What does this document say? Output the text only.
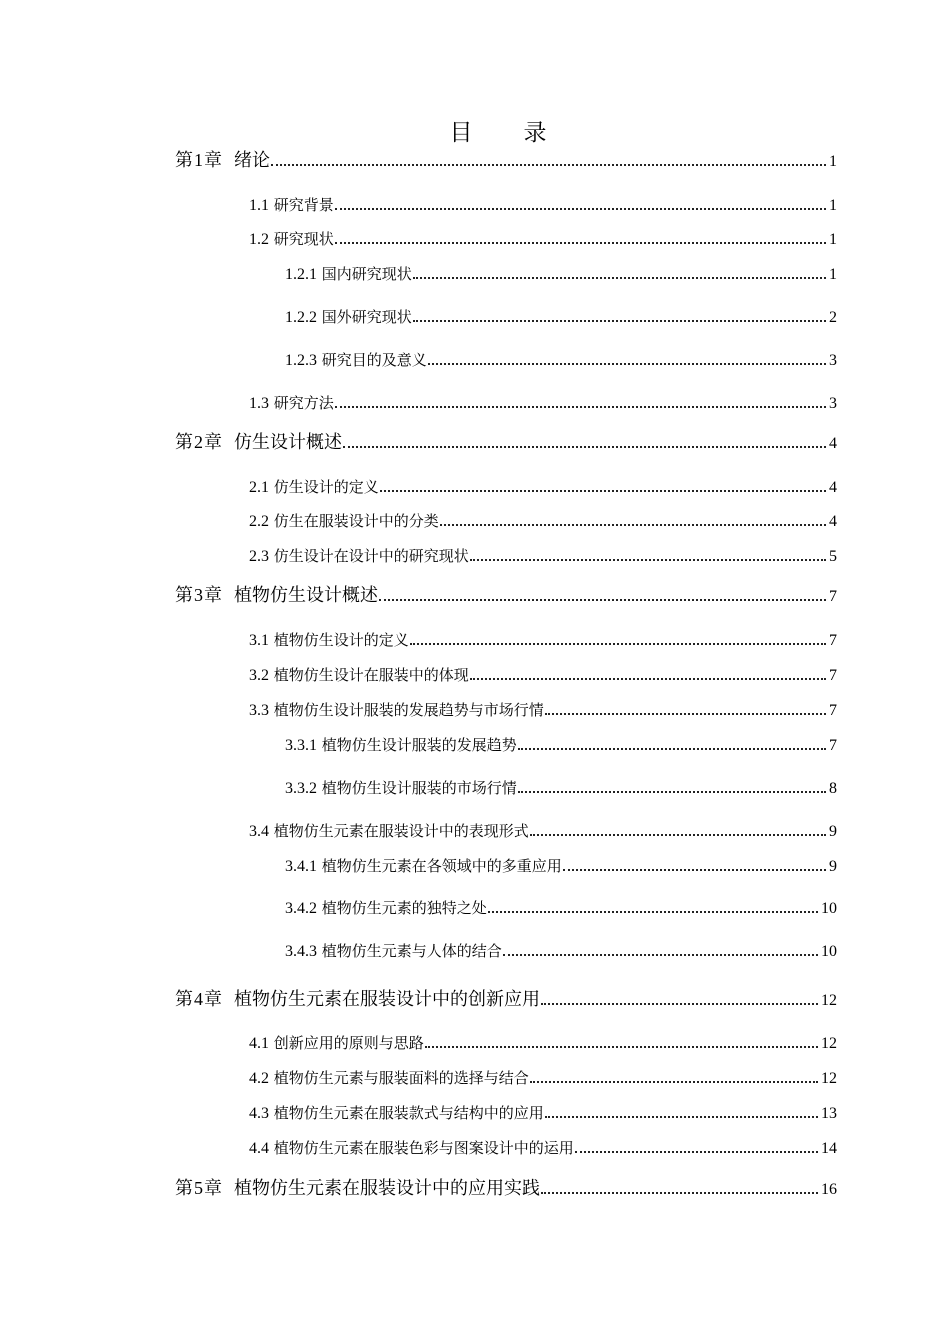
目　录
第1章 绪论	1
1.1 研究背景	1
1.2 研究现状	1
1.2.1 国内研究现状	1
1.2.2 国外研究现状	2
1.2.3 研究目的及意义	3
1.3 研究方法	3
第2章 仿生设计概述	4
2.1 仿生设计的定义	4
2.2 仿生在服装设计中的分类	4
2.3 仿生设计在设计中的研究现状	5
第3章 植物仿生设计概述	7
3.1 植物仿生设计的定义	7
3.2 植物仿生设计在服装中的体现	7
3.3 植物仿生设计服装的发展趋势与市场行情	7
3.3.1 植物仿生设计服装的发展趋势	7
3.3.2 植物仿生设计服装的市场行情	8
3.4 植物仿生元素在服装设计中的表现形式	9
3.4.1 植物仿生元素在各领域中的多重应用	9
3.4.2 植物仿生元素的独特之处	10
3.4.3 植物仿生元素与人体的结合	10
第4章 植物仿生元素在服装设计中的创新应用	12
4.1 创新应用的原则与思路	12
4.2 植物仿生元素与服装面料的选择与结合	12
4.3 植物仿生元素在服装款式与结构中的应用	13
4.4 植物仿生元素在服装色彩与图案设计中的运用	14
第5章 植物仿生元素在服装设计中的应用实践	16
